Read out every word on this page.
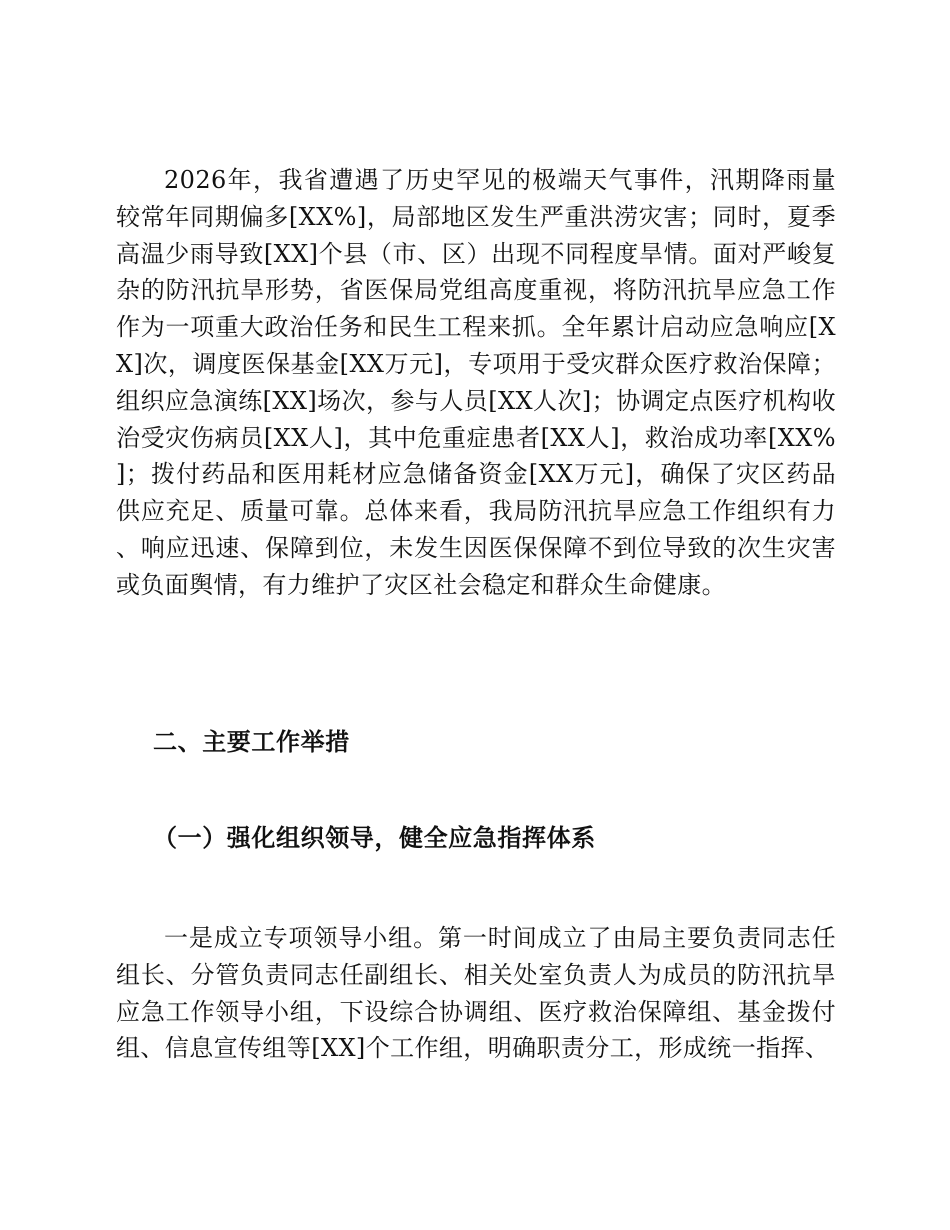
2026年，我省遭遇了历史罕见的极端天气事件，汛期降雨量较常年同期偏多[XX%]，局部地区发生严重洪涝灾害；同时，夏季高温少雨导致[XX]个县（市、区）出现不同程度旱情。面对严峻复杂的防汛抗旱形势，省医保局党组高度重视，将防汛抗旱应急工作作为一项重大政治任务和民生工程来抓。全年累计启动应急响应[XX]次，调度医保基金[XX万元]，专项用于受灾群众医疗救治保障；组织应急演练[XX]场次，参与人员[XX人次]；协调定点医疗机构收治受灾伤病员[XX人]，其中危重症患者[XX人]，救治成功率[XX%]；拨付药品和医用耗材应急储备资金[XX万元]，确保了灾区药品供应充足、质量可靠。总体来看，我局防汛抗旱应急工作组织有力、响应迅速、保障到位，未发生因医保保障不到位导致的次生灾害或负面舆情，有力维护了灾区社会稳定和群众生命健康。

二、主要工作举措
（一）强化组织领导，健全应急指挥体系

一是成立专项领导小组。第一时间成立了由局主要负责同志任组长、分管负责同志任副组长、相关处室负责人为成员的防汛抗旱应急工作领导小组，下设综合协调组、医疗救治保障组、基金拨付组、信息宣传组等[XX]个工作组，明确职责分工，形成统一指挥、
